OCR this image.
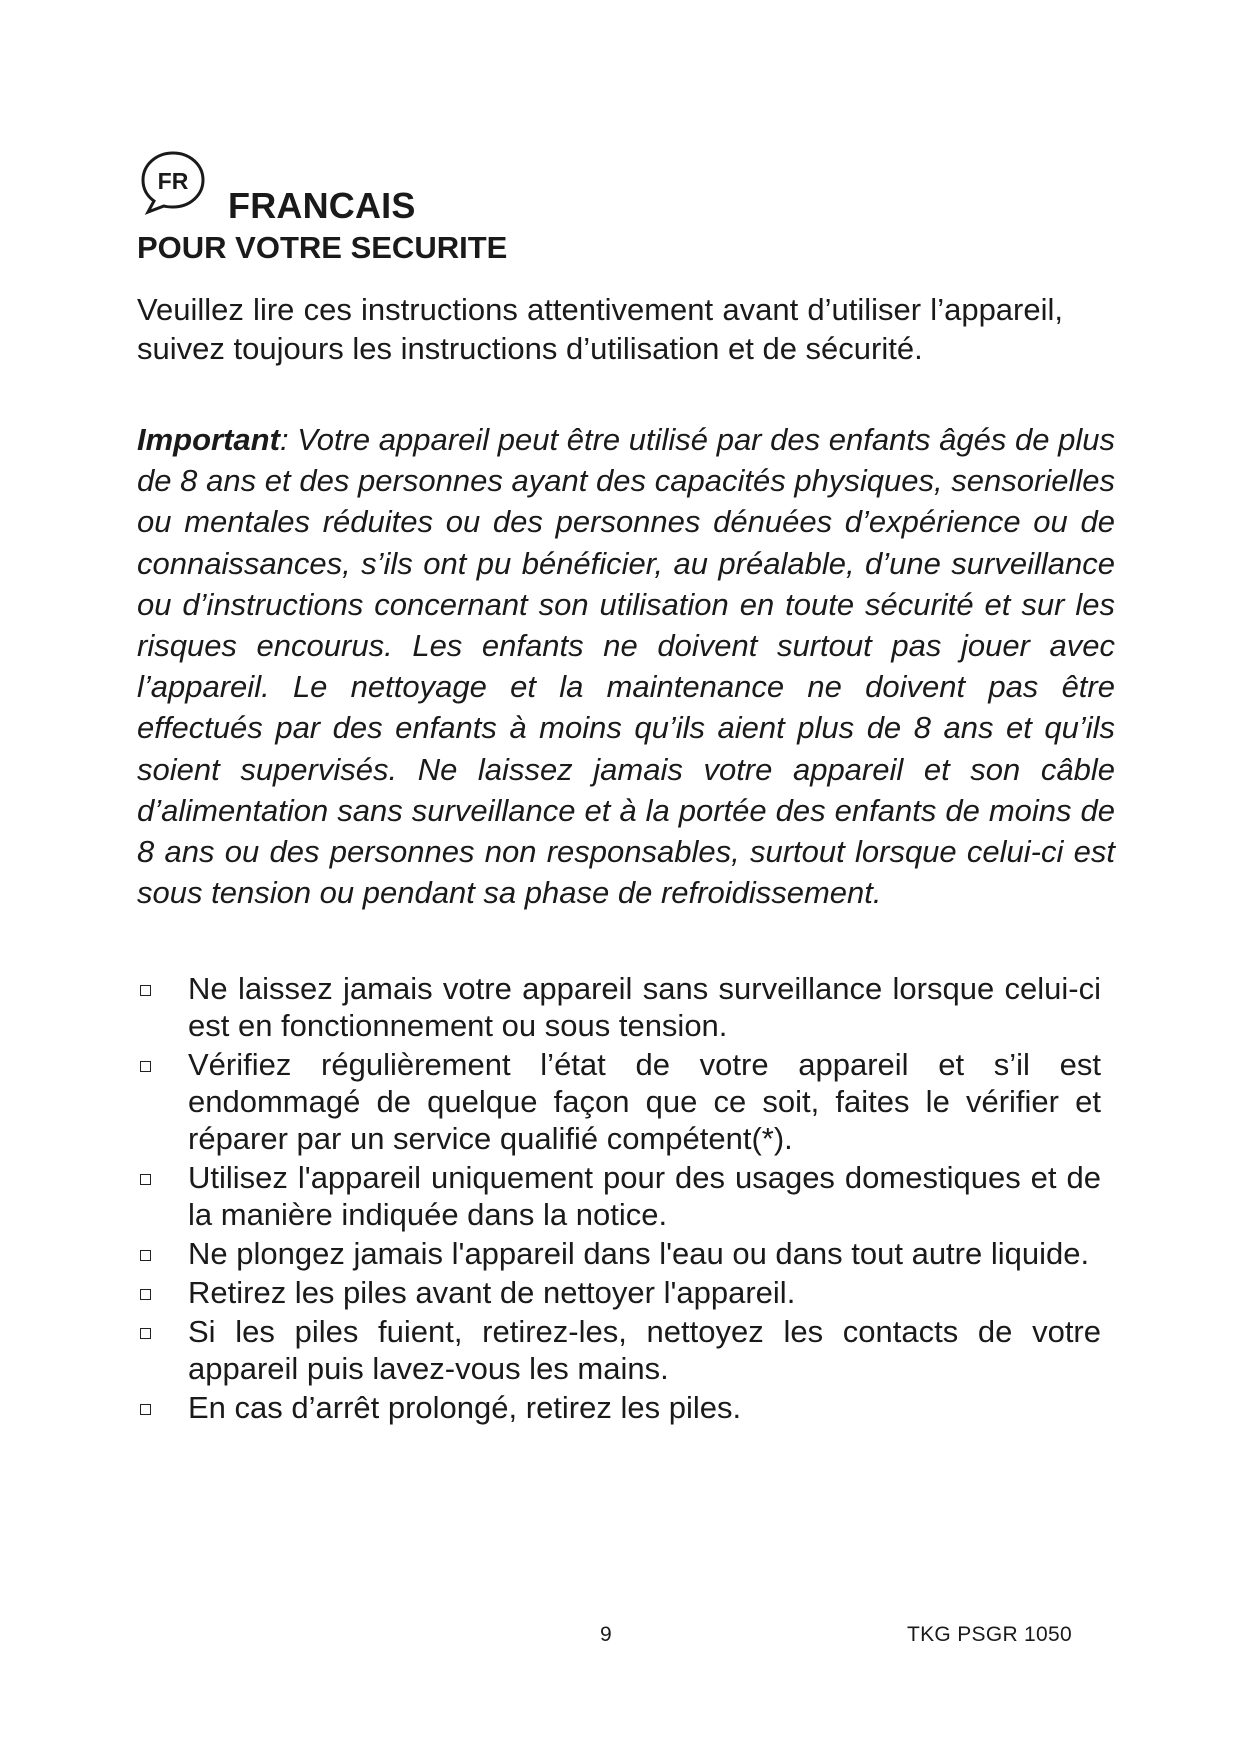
FR
FRANCAIS
POUR VOTRE SECURITE

Veuillez lire ces instructions attentivement avant d’utiliser l’appareil, suivez toujours les instructions d’utilisation et de sécurité.

Important: Votre appareil peut être utilisé par des enfants âgés de plus de 8 ans et des personnes ayant des capacités physiques, sensorielles ou mentales réduites ou des personnes dénuées d’expérience ou de connaissances, s’ils ont pu bénéficier, au préalable, d’une surveillance ou d’instructions concernant son utilisation en toute sécurité et sur les risques encourus. Les enfants ne doivent surtout pas jouer avec l’appareil. Le nettoyage et la maintenance ne doivent pas être effectués par des enfants à moins qu’ils aient plus de 8 ans et qu’ils soient supervisés. Ne laissez jamais votre appareil et son câble d’alimentation sans surveillance et à la portée des enfants de moins de 8 ans ou des personnes non responsables, surtout lorsque celui-ci est sous tension ou pendant sa phase de refroidissement.

Ne laissez jamais votre appareil sans surveillance lorsque celui-ci est en fonctionnement ou sous tension.
Vérifiez régulièrement l’état de votre appareil et s’il est endommagé de quelque façon que ce soit, faites le vérifier et réparer par un service qualifié compétent(*).
Utilisez l'appareil uniquement pour des usages domestiques et de la manière indiquée dans la notice.
Ne plongez jamais l'appareil dans l'eau ou dans tout autre liquide.
Retirez les piles avant de nettoyer l'appareil.
Si les piles fuient, retirez-les, nettoyez les contacts de votre appareil puis lavez-vous les mains.
En cas d’arrêt prolongé, retirez les piles.
9	TKG PSGR 1050
